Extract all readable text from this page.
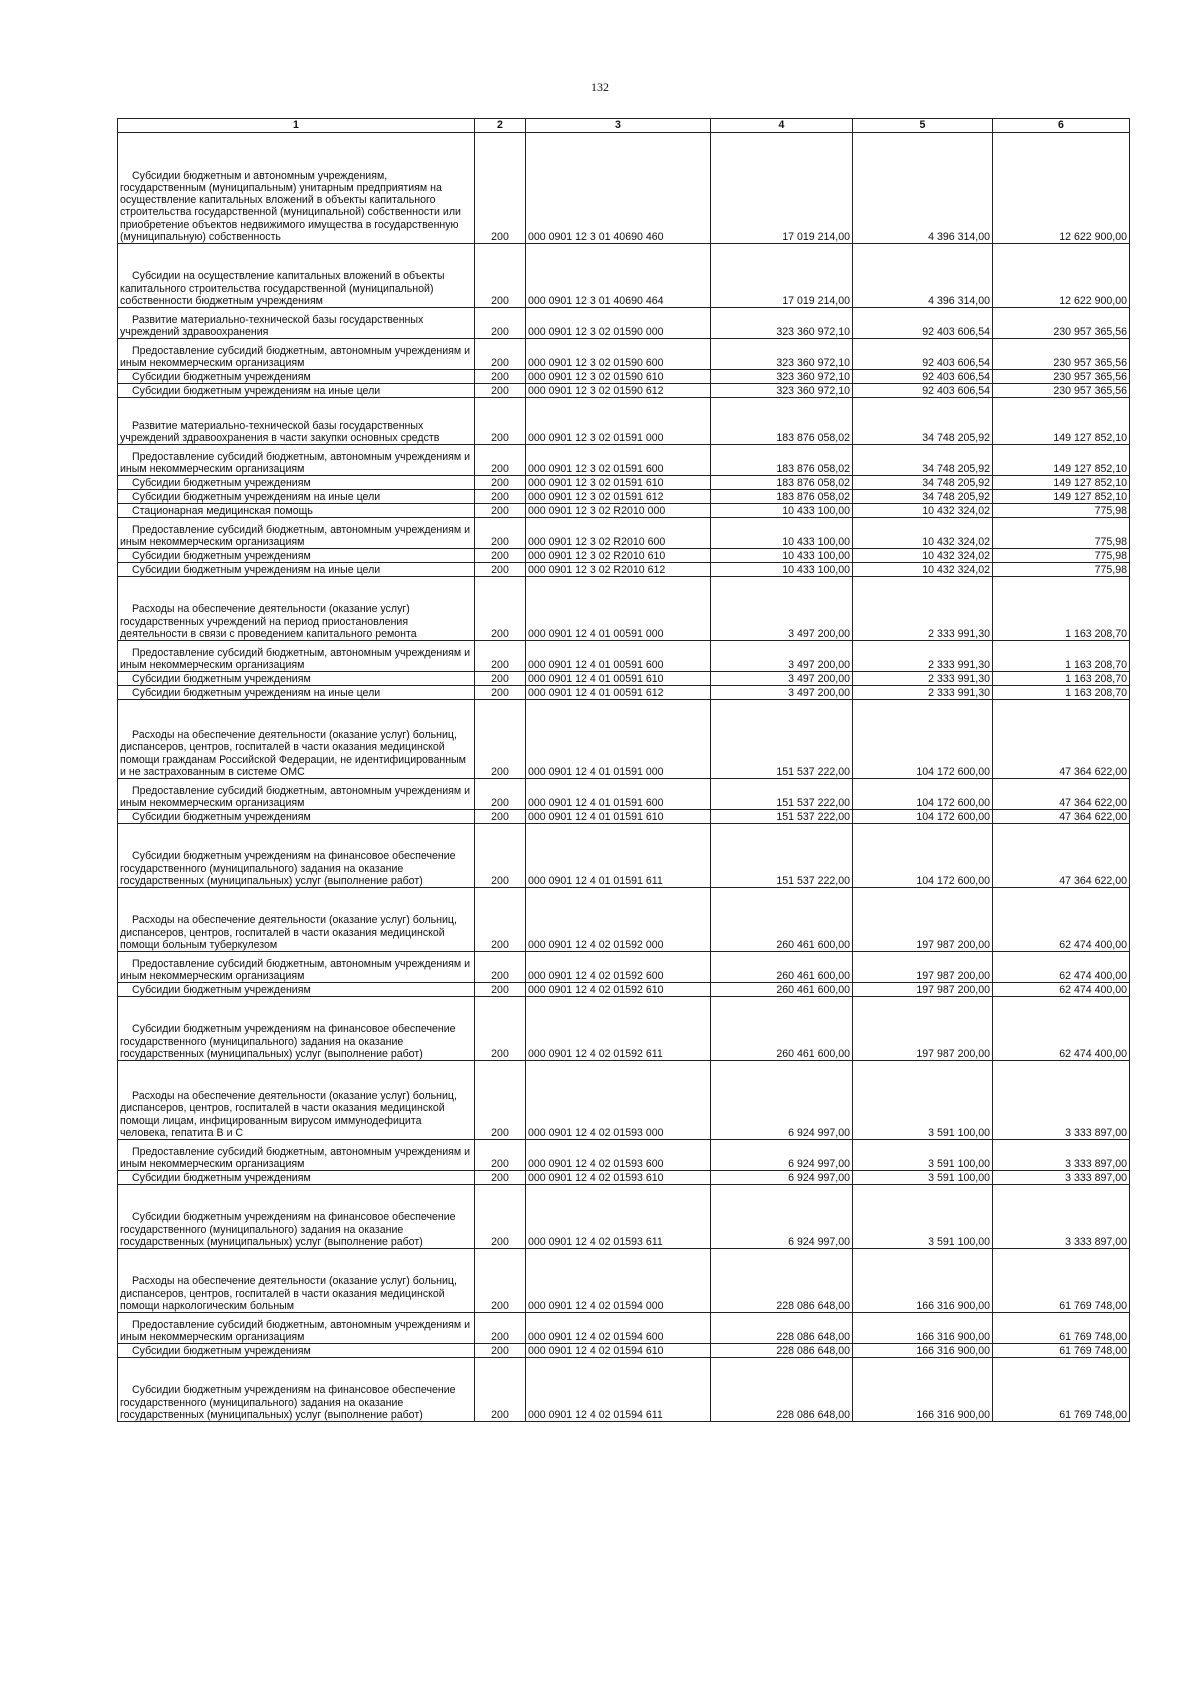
132
1	2	3	4	5	6

Субсидии бюджетным и автономным учреждениям, государственным (муниципальным) унитарным предприятиям на осуществление капитальных вложений в объекты капитального строительства государственной (муниципальной) собственности или приобретение объектов недвижимого имущества в государственную (муниципальную) собственность	200	000 0901 12 3 01 40690 460	17 019 214,00	4 396 314,00	12 622 900,00

Субсидии на осуществление капитальных вложений в объекты капитального строительства государственной (муниципальной) собственности бюджетным учреждениям	200	000 0901 12 3 01 40690 464	17 019 214,00	4 396 314,00	12 622 900,00

Развитие материально-технической базы государственных учреждений здравоохранения	200	000 0901 12 3 02 01590 000	323 360 972,10	92 403 606,54	230 957 365,56

Предоставление субсидий бюджетным, автономным учреждениям и иным некоммерческим организациям	200	000 0901 12 3 02 01590 600	323 360 972,10	92 403 606,54	230 957 365,56

Субсидии бюджетным учреждениям	200	000 0901 12 3 02 01590 610	323 360 972,10	92 403 606,54	230 957 365,56

Субсидии бюджетным учреждениям на иные цели	200	000 0901 12 3 02 01590 612	323 360 972,10	92 403 606,54	230 957 365,56

Развитие материально-технической базы государственных учреждений здравоохранения в части закупки основных средств	200	000 0901 12 3 02 01591 000	183 876 058,02	34 748 205,92	149 127 852,10

Предоставление субсидий бюджетным, автономным учреждениям и иным некоммерческим организациям	200	000 0901 12 3 02 01591 600	183 876 058,02	34 748 205,92	149 127 852,10

Субсидии бюджетным учреждениям	200	000 0901 12 3 02 01591 610	183 876 058,02	34 748 205,92	149 127 852,10

Субсидии бюджетным учреждениям на иные цели	200	000 0901 12 3 02 01591 612	183 876 058,02	34 748 205,92	149 127 852,10

Стационарная медицинская помощь	200	000 0901 12 3 02 R2010 000	10 433 100,00	10 432 324,02	775,98

Предоставление субсидий бюджетным, автономным учреждениям и иным некоммерческим организациям	200	000 0901 12 3 02 R2010 600	10 433 100,00	10 432 324,02	775,98

Субсидии бюджетным учреждениям	200	000 0901 12 3 02 R2010 610	10 433 100,00	10 432 324,02	775,98

Субсидии бюджетным учреждениям на иные цели	200	000 0901 12 3 02 R2010 612	10 433 100,00	10 432 324,02	775,98

Расходы на обеспечение деятельности (оказание услуг) государственных учреждений на период приостановления деятельности в связи с проведением капитального ремонта	200	000 0901 12 4 01 00591 000	3 497 200,00	2 333 991,30	1 163 208,70

Предоставление субсидий бюджетным, автономным учреждениям и иным некоммерческим организациям	200	000 0901 12 4 01 00591 600	3 497 200,00	2 333 991,30	1 163 208,70

Субсидии бюджетным учреждениям	200	000 0901 12 4 01 00591 610	3 497 200,00	2 333 991,30	1 163 208,70

Субсидии бюджетным учреждениям на иные цели	200	000 0901 12 4 01 00591 612	3 497 200,00	2 333 991,30	1 163 208,70

Расходы на обеспечение деятельности (оказание услуг) больниц, диспансеров, центров, госпиталей в части оказания медицинской помощи гражданам Российской Федерации, не идентифицированным и не застрахованным в системе ОМС	200	000 0901 12 4 01 01591 000	151 537 222,00	104 172 600,00	47 364 622,00

Предоставление субсидий бюджетным, автономным учреждениям и иным некоммерческим организациям	200	000 0901 12 4 01 01591 600	151 537 222,00	104 172 600,00	47 364 622,00

Субсидии бюджетным учреждениям	200	000 0901 12 4 01 01591 610	151 537 222,00	104 172 600,00	47 364 622,00

Субсидии бюджетным учреждениям на финансовое обеспечение государственного (муниципального) задания на оказание государственных (муниципальных) услуг (выполнение работ)	200	000 0901 12 4 01 01591 611	151 537 222,00	104 172 600,00	47 364 622,00

Расходы на обеспечение деятельности (оказание услуг) больниц, диспансеров, центров, госпиталей в части оказания медицинской помощи больным туберкулезом	200	000 0901 12 4 02 01592 000	260 461 600,00	197 987 200,00	62 474 400,00

Предоставление субсидий бюджетным, автономным учреждениям и иным некоммерческим организациям	200	000 0901 12 4 02 01592 600	260 461 600,00	197 987 200,00	62 474 400,00

Субсидии бюджетным учреждениям	200	000 0901 12 4 02 01592 610	260 461 600,00	197 987 200,00	62 474 400,00

Субсидии бюджетным учреждениям на финансовое обеспечение государственного (муниципального) задания на оказание государственных (муниципальных) услуг (выполнение работ)	200	000 0901 12 4 02 01592 611	260 461 600,00	197 987 200,00	62 474 400,00

Расходы на обеспечение деятельности (оказание услуг) больниц, диспансеров, центров, госпиталей в части оказания медицинской помощи лицам, инфицированным вирусом иммунодефицита человека, гепатита В и С	200	000 0901 12 4 02 01593 000	6 924 997,00	3 591 100,00	3 333 897,00

Предоставление субсидий бюджетным, автономным учреждениям и иным некоммерческим организациям	200	000 0901 12 4 02 01593 600	6 924 997,00	3 591 100,00	3 333 897,00

Субсидии бюджетным учреждениям	200	000 0901 12 4 02 01593 610	6 924 997,00	3 591 100,00	3 333 897,00

Субсидии бюджетным учреждениям на финансовое обеспечение государственного (муниципального) задания на оказание государственных (муниципальных) услуг (выполнение работ)	200	000 0901 12 4 02 01593 611	6 924 997,00	3 591 100,00	3 333 897,00

Расходы на обеспечение деятельности (оказание услуг) больниц, диспансеров, центров, госпиталей в части оказания медицинской помощи наркологическим больным	200	000 0901 12 4 02 01594 000	228 086 648,00	166 316 900,00	61 769 748,00

Предоставление субсидий бюджетным, автономным учреждениям и иным некоммерческим организациям	200	000 0901 12 4 02 01594 600	228 086 648,00	166 316 900,00	61 769 748,00

Субсидии бюджетным учреждениям	200	000 0901 12 4 02 01594 610	228 086 648,00	166 316 900,00	61 769 748,00

Субсидии бюджетным учреждениям на финансовое обеспечение государственного (муниципального) задания на оказание государственных (муниципальных) услуг (выполнение работ)	200	000 0901 12 4 02 01594 611	228 086 648,00	166 316 900,00	61 769 748,00
